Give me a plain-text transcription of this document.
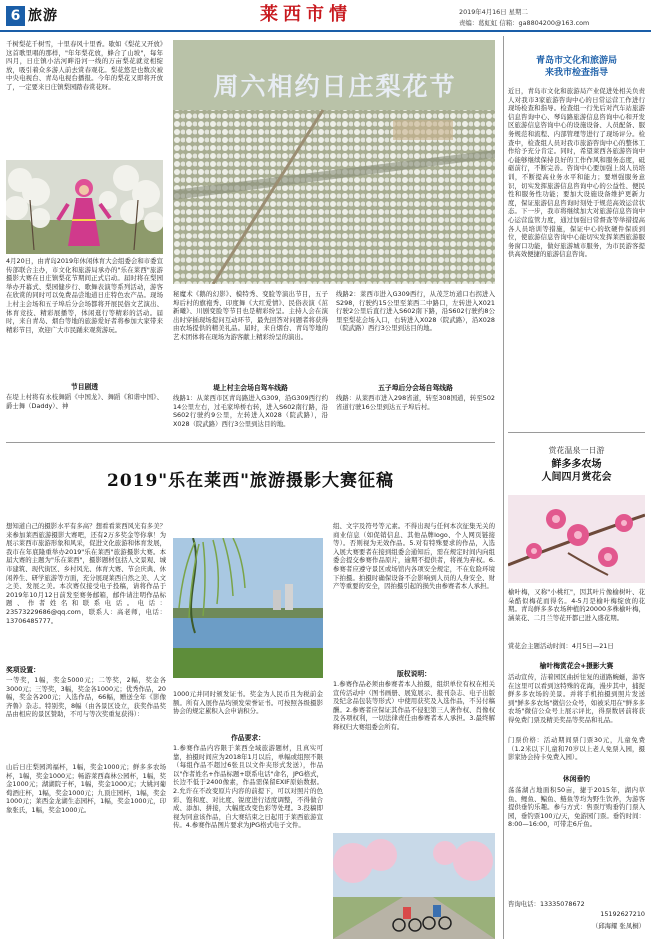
6 旅游	莱西市情	2019年4月16日 星期二
责编：葛虹虹 信箱：ga8804200@163.com
千树梨花千树雪，十里春风十里香。歇如《梨花又开放》这首歌里唱的那样，"年年梨花放，蜂合了山坡"，每年四月，日庄镇小沽河畔沿河一线的万亩梨花就竞相绽放，吸引着众多游人前去赏春观花。梨花悠是也数次被中央电视台、青岛电视台播报。今年的梨花又即将开放了，一定要来日庄镇梨园踏春赏花呀。
4月20日，由青岛2019年休闲体育大会组委会和市委宣传部联合主办，市文化和旅游局承办的"乐在莱西"旅游摄影大赛在日庄镇梨花节期间正式启动。届时将在梨园举办开幕式、梨园健步行、歌舞表演等系列活动，游客在欣赏的同时可以免费品尝地道日庄特色农产品。现场上村主会场和五子埠后分会场都将开展民俗文艺演出、体育竞技、精彩展播等，体闲逛行等精彩的活动。届时，来自青岛、烟台等地的旅游爱好者将参加大家带来精彩节目，欢迎广大市民踊来观赏游玩。
节目剧透
在堤上村将有永枝舞蹈《中国龙》、舞蹈《和谐中国》、爵士舞（Daddy）、神
周六相约日庄梨花节
秘魔术《鹅的幻影》、模特秀、变脸等演出节目，五子埠后村的旗袍秀、印度舞《大红爱情》、民俗表演《茁新曦》、川剧变脸等节目也是精彩纷呈。主持人会在演出时穿插现场提问互动环节，最先回答对问题者将获得由农场提供的精美礼品。届时，来自烟台、青岛等地的艺术团体将在现场为游客献上精彩纷呈的演出。
堤上村主会场自驾车线路
线路1：从莱西市区青岛路进入G309，沿G309西行约14公里左右，过毛家埠桥右转，进入S602南行路，沿S602行驶约9公里，左转进入X028（院武路），沿X028（院武路）西行3公里到达目的地。
线路2：莱西市进入G309西行，从茂芝坊道口右拐进入S298，行驶约15公里至莱西二中路口，左转进入X021行驶2公里后直行进入S602南下路，沿S602行驶约8公里至梨花会场入口，右转进入X028（院武路），沿X028（院武路）西行3公里到达目的地。
五子埠后分会场自驾线路
线路：从莱西市进入298省道，转至308国道，转至502省道行驶16公里到达五子埠后村。
2019"乐在莱西"旅游摄影大赛征稿
想知道自己的摄影水平有多高？想看看莱西风光有多美？来参加莱西旅游摄影大赛吧，还有2万多奖金等你拿！为展示莱西市旅游形象和风采，促进文化旅游和体育发展，我市在年底隆重举办2019"乐在莱西"旅游摄影大赛。本届大赛的主题为"乐在莱西"，摄影题材包括人文景观、城市建筑、现代街区、乡村风光、体育大赛、节会庆典、休闲养生、研学旅游等方面，充分展现莱西自然之美、人文之美、发展之美。本次赛仅接受电子投稿，请将作品于2019年10月12日前发至赛务邮箱，邮件请注明作品标题、作者姓名和联系电话。电话：23573229686@qq.com，联系人：高老师，电话：13706485777。
奖项设置：
一等奖，1幅，奖金5000元；二等奖，2幅，奖金各3000元；三等奖，3幅，奖金各1000元；优秀作品，20幅，奖金各200元；入选作品，66幅，赠送全年《影像齐鲁》杂志。特别奖，8幅（由各景区设立，获奖作品奖品由相应的景区赞助，不可与等次奖重复获得）：
山后日庄梨园鸿福杯，1幅，奖金1000元；鲜多多农场杯，1幅，奖金1000元；畅游莱西森林公园杯，1幅，奖金1000元；湖湖院子杯，1幅，奖金1000元；大姚河葡萄酒庄杯，1幅，奖金1000元；九顶庄园杯，1幅，奖金1000元；莱西金龙湖生态园杯，1幅，奖金1000元，印象张氏，1幅，奖金1000元。
1000元并同时颁发证书。奖金为人民币且为税前金额。所有入展作品均颁发荣誉证书。可按照各级摄影协会的规定累积入会申请积分。
作品要求：
1.参赛作品内容限于莱西全域旅游题材，且真实可靠，拍摄时间应为2018年1月以后，单幅或组照不限（每组作品不超过6张且以文件夹形式发送），作品以"作者姓名+作品标题+联系电话"命名，JPG格式，长边不低于2400像素，作品需保留EXIF原始数据。2.允许在不改变原片内容的前提下，可以对照片的色彩、饱和度、对比度、锐度进行适度调整，不得做合成、添加、拼接，大幅度改变色彩等处理。3.投稿即视为同意该作品，自大赛结束之日起用于莱西旅游宣传。4.参赛作品图片要求为JPG格式电子文件。
组、文字及符号等元素。不得出现与任何本次征集无关的商业信息（如促销信息、其他品牌logo、个人网页链接等）。否则视为无效作品。5.对有特殊要求的作品，入选入展大赛要者在接到组委会通知后，需在规定时间内向组委会提交参赛作品原片，逾期不提供者，将视为弃权。6.参赛者应遵守景区或场馆内各项安全规定，不在危险环境下拍摄。拍摄时确保设备不会影响到人员的人身安全、财产等重要的安全，因拍摄引起的损失由参赛者本人承担。
版权说明：
1.参赛作品必须由参赛者本人拍摄，组织单位有权在相关宣传活动中（图书画册、展览展示、报刊杂志、电子出版及纪念品包装等形式）中使用获奖及入选作品，不另付稿酬。2.参赛者应保证其作品不侵犯第三人著作权、肖像权及各项权利，一切法律责任由参赛者本人承担。3.最终解释权归大赛组委会所有。
青岛市文化和旅游局
来我市检查指导
近日，青岛市文化和旅游局产业促进处相关负责人对我市3家旅游咨询中心的日常运营工作进行现场检查和指导。检查组一行先后对汽车站旅游信息咨询中心、琴岛路旅游信息咨询中心和开发区旅游信息咨询中心的设施设备、人员配备、服务规范和流程、内部管理等进行了现场评分。检查中，检查组人员对我市旅游咨询中心的整体工作给予充分肯定。同时，希望莱西各旅游咨询中心能够继续保持良好的工作作风和服务态度，砥砺前行，不断完善。咨询中心要加强上岗人员培训，不断提高业务水平和能力；要增强服务意识，切实发挥旅游信息咨询中心的公益性、便民性和服务性功能；要加大设施设备维护更新力度，保证旅游信息咨询时刻处于规范高效运营状态。下一步，我市将继续加大对旅游信息咨询中心运营监管力度，通过加强日常督查等举措提高各人员培训等措施，保证中心的软硬件保质到位，使旅游信息咨询中心能切实发挥莱西旅游服务窗口功能，做好旅游城市服务，为市民游客提供高效便捷的旅游信息咨询。
赏花温泉一日游
鲜多多农场
人间四月赏花会
榆叶梅，又称"小桃红"，因其叶片像榆树叶、花朵酷似梅花而得名。4-5月是榆叶梅绽放的花期。青岛鲜多多农场种植的20000多株榆叶梅，涵菜花、二月兰等花开都已进入盛花期。
赏花会主题活动时间：4月5日—21日
榆叶梅赏花会+摄影大赛
活动宣传，洁着园区曲折往复的道路蜿蜒，游客在这里可以看到这特殊的花海，漫步其中，捕捉鲜多多农场的美景。并将手机拍摄到照片发送到"鲜多多农场"微信公众号，如被采用在"鲜多多农场"微信公众号上展示评比，得票数居前将获得免费门票及精美奖品等奖品和礼品。
门票价格：活动期间票门票30元，儿童免费（1.2米以下儿童和70岁以上老人免票入园，摄影家协会持卡免费入园）。
休闲垂钓
荡荡湖占地面积50亩，捷于2015年，湖内草鱼、鲤鱼、鳊鱼、鲢鱼等均为野生饮养，为游客提供垂钓乐趣。参与方式：售票厅购垂钓门票入园，垂钓票100元/天，免游园门票。垂钓时间：8:00—16:00，可带走6斤鱼。
咨询电话：13335078672
15192627210
（邱海耀 张凤桐）
